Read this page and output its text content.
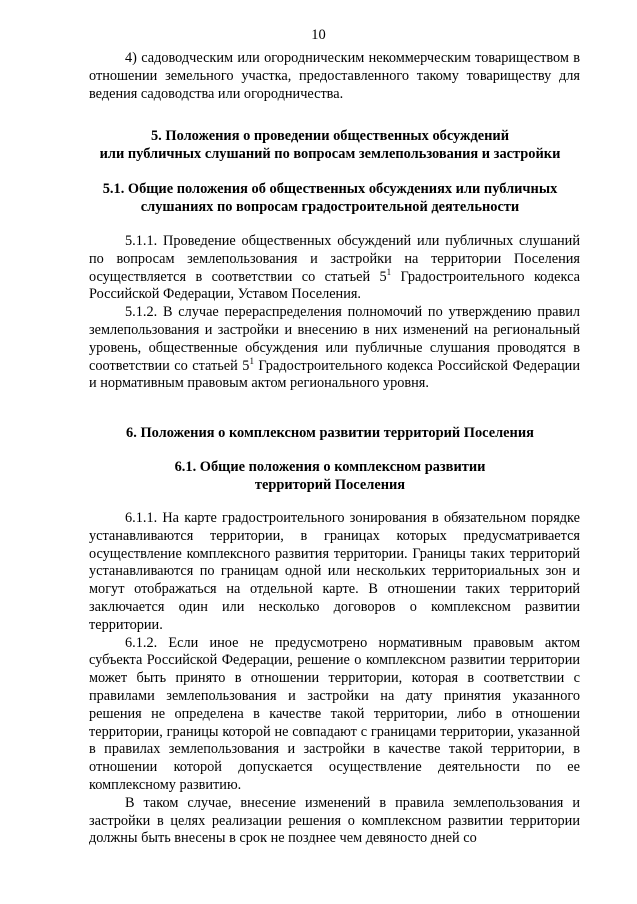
10

4) садоводческим или огородническим некоммерческим товариществом в отношении земельного участка, предоставленного такому товариществу для ведения садоводства или огородничества.

5. Положения о проведении общественных обсуждений
или публичных слушаний по вопросам землепользования и застройки
5.1. Общие положения об общественных обсуждениях или публичных
слушаниях по вопросам градостроительной деятельности

5.1.1. Проведение общественных обсуждений или публичных слушаний по вопросам землепользования и застройки на территории Поселения осуществляется в соответствии со статьей $5^1$ Градостроительного кодекса Российской Федерации, Уставом Поселения.

5.1.2. В случае перераспределения полномочий по утверждению правил землепользования и застройки и внесению в них изменений на региональный уровень, общественные обсуждения или публичные слушания проводятся в соответствии со статьей $5^1$ Градостроительного кодекса Российской Федерации и нормативным правовым актом регионального уровня.

6. Положения о комплексном развитии территорий Поселения
6.1. Общие положения о комплексном развитии
территорий Поселения

6.1.1. На карте градостроительного зонирования в обязательном порядке устанавливаются территории, в границах которых предусматривается осуществление комплексного развития территории. Границы таких территорий устанавливаются по границам одной или нескольких территориальных зон и могут отображаться на отдельной карте. В отношении таких территорий заключается один или несколько договоров о комплексном развитии территории.

6.1.2. Если иное не предусмотрено нормативным правовым актом субъекта Российской Федерации, решение о комплексном развитии территории может быть принято в отношении территории, которая в соответствии с правилами землепользования и застройки на дату принятия указанного решения не определена в качестве такой территории, либо в отношении территории, границы которой не совпадают с границами территории, указанной в правилах землепользования и застройки в качестве такой территории, в отношении которой допускается осуществление деятельности по ее комплексному развитию.

В таком случае, внесение изменений в правила землепользования и застройки в целях реализации решения о комплексном развитии территории должны быть внесены в срок не позднее чем девяносто дней со
